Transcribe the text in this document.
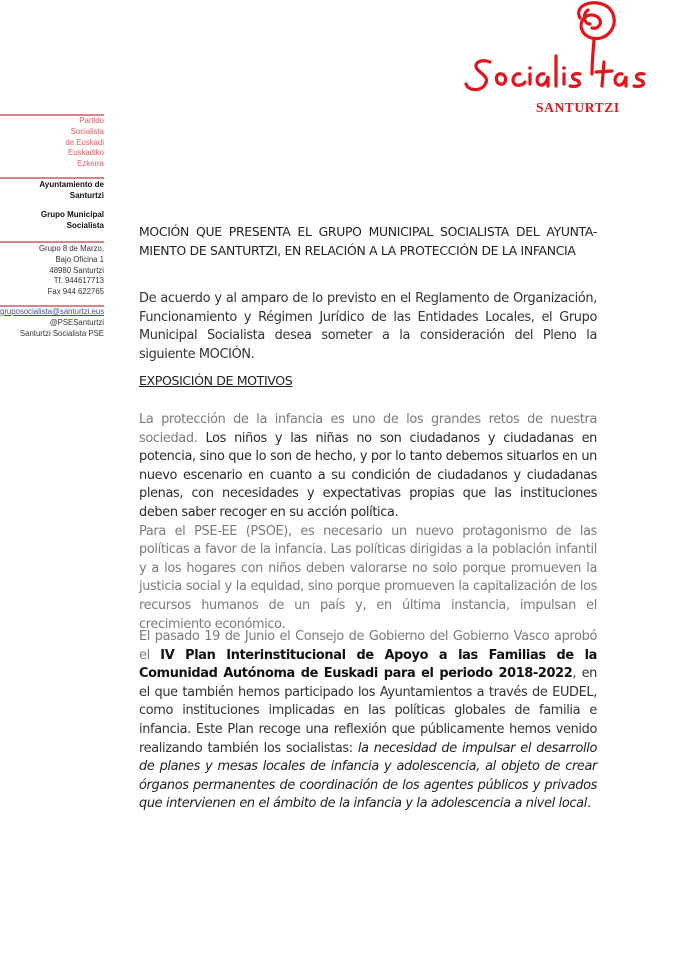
SANTURTZI
Partido
Socialista
de Euskadi
Euskadiko
Ezkerra
Ayuntamiento de
Santurtzi
Grupo Municipal
Socialista
Grupo 8 de Marzo,
Bajo Oficina 1
48980 Santurtzi
Tf. 944617713
Fax 944 622765
gruposocialista@santurtzi.eus
@PSESanturtzi
Santurtzi Socialista PSE
MOCIÓN QUE PRESENTA EL GRUPO MUNICIPAL SOCIALISTA DEL AYUNTA-MIENTO DE SANTURTZI, EN RELACIÓN A LA PROTECCIÓN DE LA INFANCIA
De acuerdo y al amparo de lo previsto en el Reglamento de Organización, Funcionamiento y Régimen Jurídico de las Entidades Locales, el Grupo Municipal Socialista desea someter a la consideración del Pleno la siguiente MOCIÓN.
EXPOSICIÓN DE MOTIVOS
La protección de la infancia es uno de los grandes retos de nuestra sociedad. Los niños y las niñas no son ciudadanos y ciudadanas en potencia, sino que lo son de hecho, y por lo tanto debemos situarlos en un nuevo escenario en cuanto a su condición de ciudadanos y ciudadanas plenas, con necesidades y expectativas propias que las instituciones deben saber recoger en su acción política.
Para el PSE-EE (PSOE), es necesario un nuevo protagonismo de las políticas a favor de la infancia. Las políticas dirigidas a la población infantil y a los hogares con niños deben valorarse no solo porque promueven la justicia social y la equidad, sino porque promueven la capitalización de los recursos humanos de un país y, en última instancia, impulsan el crecimiento económico.
El pasado 19 de Junio el Consejo de Gobierno del Gobierno Vasco aprobó el IV Plan Interinstitucional de Apoyo a las Familias de la Comunidad Autónoma de Euskadi para el periodo 2018-2022, en el que también hemos participado los Ayuntamientos a través de EUDEL, como instituciones implicadas en las políticas globales de familia e infancia. Este Plan recoge una reflexión que públicamente hemos venido realizando también los socialistas: la necesidad de impulsar el desarrollo de planes y mesas locales de infancia y adolescencia, al objeto de crear órganos permanentes de coordinación de los agentes públicos y privados que intervienen en el ámbito de la infancia y la adolescencia a nivel local.
